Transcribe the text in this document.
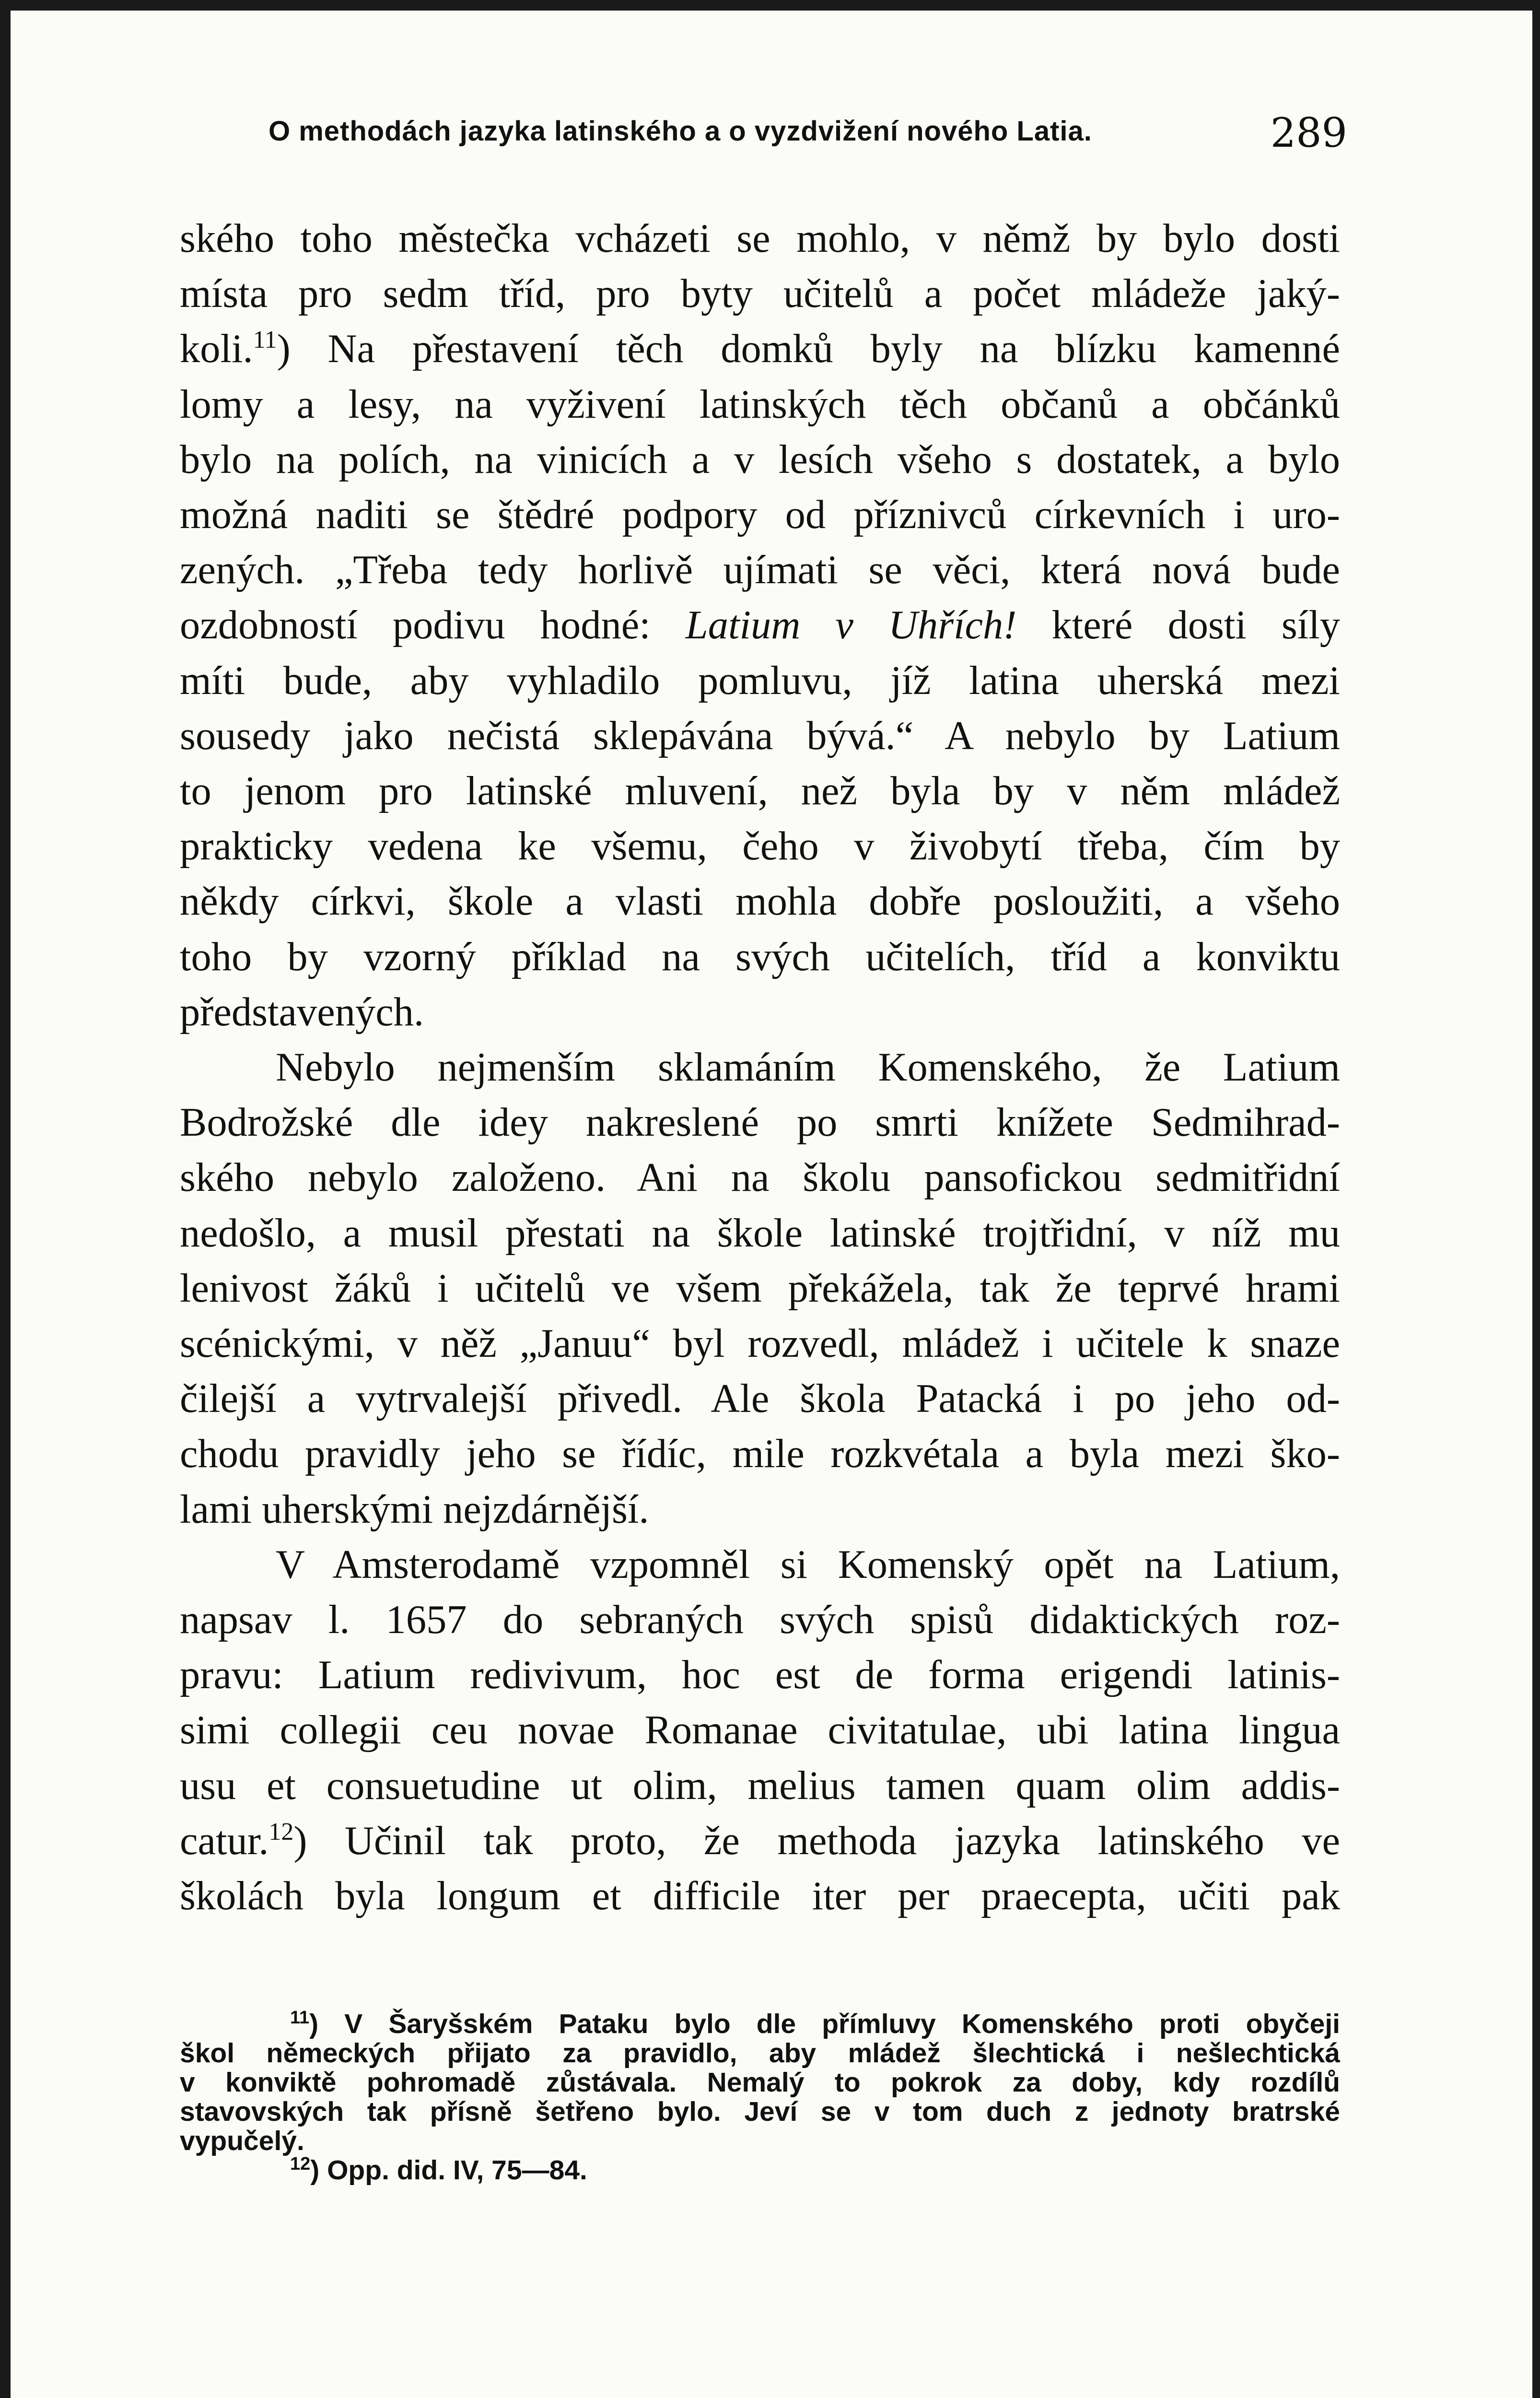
O methodách jazyka latinského a o vyzdvižení nového Latia.	289

ského toho městečka vcházeti se mohlo, v němž by bylo dosti

místa pro sedm tříd, pro byty učitelů a počet mládeže jaký-

koli.$^{11}$) Na přestavení těch domků byly na blízku kamenné

lomy a lesy, na vyživení latinských těch občanů a občánků

bylo na polích, na vinicích a v lesích všeho s dostatek, a bylo

možná naditi se štědré podpory od příznivců církevních i uro-

zených. „Třeba tedy horlivě ujímati se věci, která nová bude

ozdobností podivu hodné: Latium v Uhřích! které dosti síly

míti bude, aby vyhladilo pomluvu, jíž latina uherská mezi

sousedy jako nečistá sklepávána bývá.“ A nebylo by Latium

to jenom pro latinské mluvení, než byla by v něm mládež

prakticky vedena ke všemu, čeho v živobytí třeba, čím by

někdy církvi, škole a vlasti mohla dobře posloužiti, a všeho

toho by vzorný příklad na svých učitelích, tříd a konviktu

představených.

Nebylo nejmenším sklamáním Komenského, že Latium

Bodrožské dle idey nakreslené po smrti knížete Sedmihrad-

ského nebylo založeno. Ani na školu pansofickou sedmitřidní

nedošlo, a musil přestati na škole latinské trojtřidní, v níž mu

lenivost žáků i učitelů ve všem překážela, tak že teprvé hrami

scénickými, v něž „Januu“ byl rozvedl, mládež i učitele k snaze

čilejší a vytrvalejší přivedl. Ale škola Patacká i po jeho od-

chodu pravidly jeho se řídíc, mile rozkvétala a byla mezi ško-

lami uherskými nejzdárnější.

V Amsterodamě vzpomněl si Komenský opět na Latium,

napsav l. 1657 do sebraných svých spisů didaktických roz-

pravu: Latium redivivum, hoc est de forma erigendi latinis-

simi collegii ceu novae Romanae civitatulae, ubi latina lingua

usu et consuetudine ut olim, melius tamen quam olim addis-

catur.$^{12}$) Učinil tak proto, že methoda jazyka latinského ve

školách byla longum et difficile iter per praecepta, učiti pak

$^{11}$) V Šaryšském Pataku bylo dle přímluvy Komenského proti obyčeji

škol německých přijato za pravidlo, aby mládež šlechtická i nešlechtická

v konviktě pohromadě zůstávala. Nemalý to pokrok za doby, kdy rozdílů

stavovských tak přísně šetřeno bylo. Jeví se v tom duch z jednoty bratrské

vypučelý.

$^{12}$) Opp. did. IV, 75—84.
